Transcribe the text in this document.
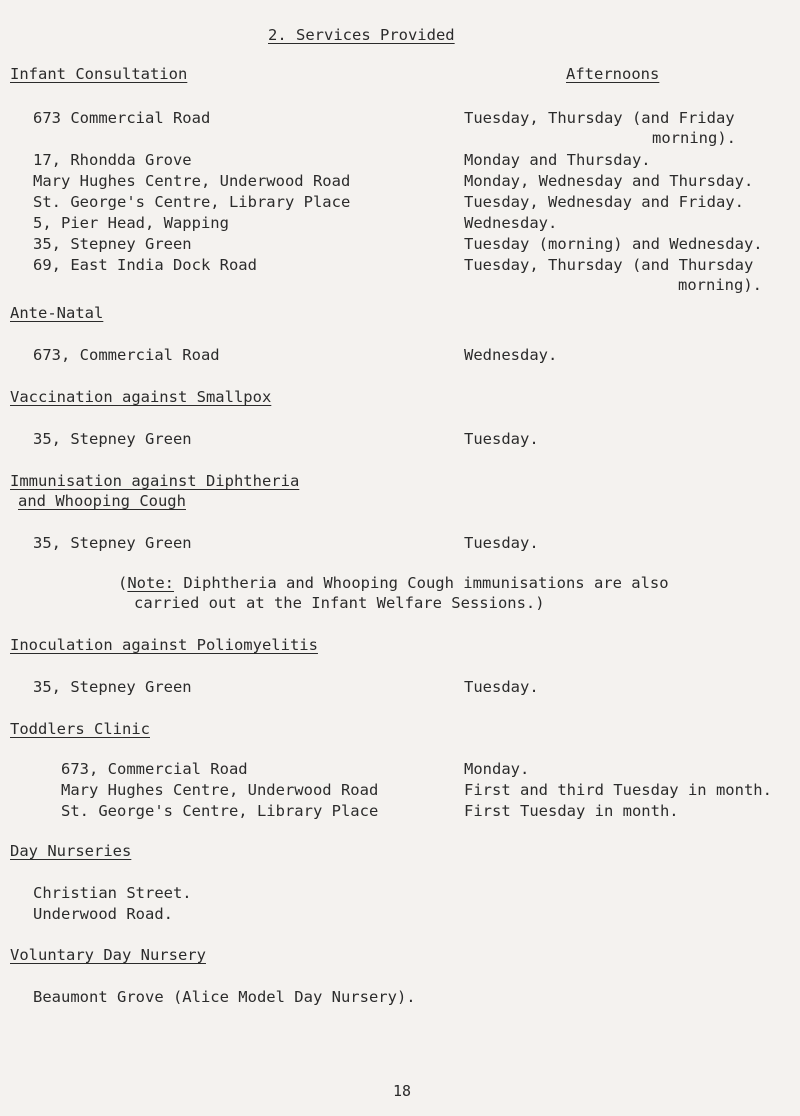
2. Services Provided
Infant Consultation	Afternoons
673 Commercial Road	Tuesday, Thursday (and Friday
morning).
17, Rhondda Grove	Monday and Thursday.
Mary Hughes Centre, Underwood Road	Monday, Wednesday and Thursday.
St. George's Centre, Library Place	Tuesday, Wednesday and Friday.
5, Pier Head, Wapping	Wednesday.
35, Stepney Green	Tuesday (morning) and Wednesday.
69, East India Dock Road	Tuesday, Thursday (and Thursday
morning).
Ante-Natal
673, Commercial Road	Wednesday.
Vaccination against Smallpox
35, Stepney Green	Tuesday.
Immunisation against Diphtheria
and Whooping Cough
35, Stepney Green	Tuesday.
(Note: Diphtheria and Whooping Cough immunisations are also
carried out at the Infant Welfare Sessions.)
Inoculation against Poliomyelitis
35, Stepney Green	Tuesday.
Toddlers Clinic
673, Commercial Road	Monday.
Mary Hughes Centre, Underwood Road	First and third Tuesday in month.
St. George's Centre, Library Place	First Tuesday in month.
Day Nurseries
Christian Street.
Underwood Road.
Voluntary Day Nursery
Beaumont Grove (Alice Model Day Nursery).
18
